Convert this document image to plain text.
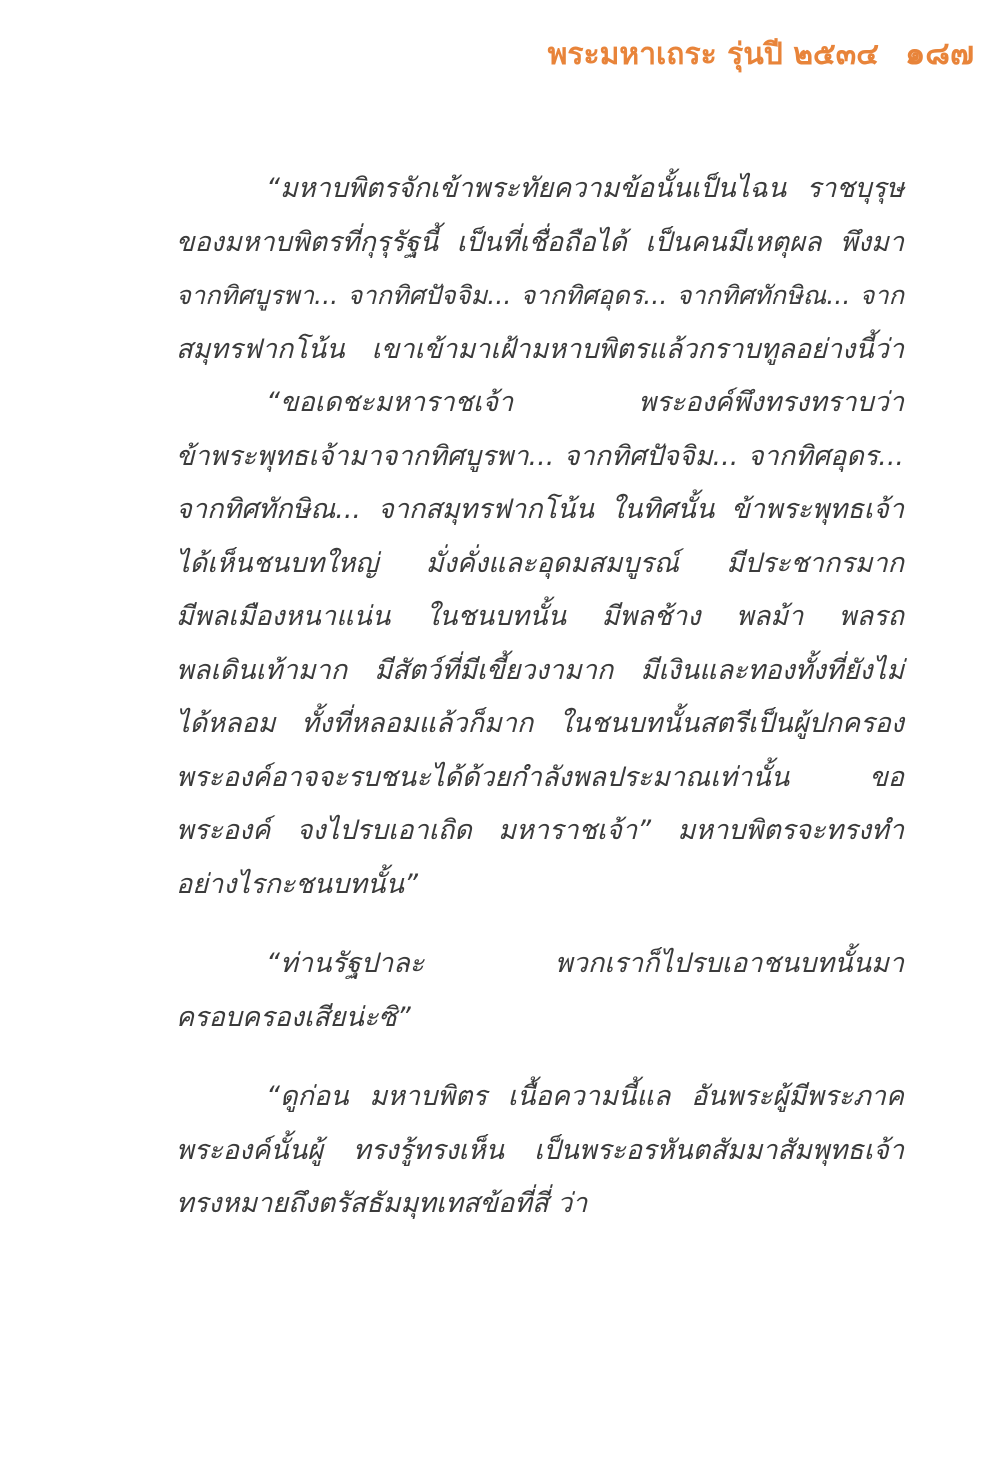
พระมหาเถระ รุ่นปี ๒๕๓๔ ๑๘๗

“มหาบพิตรจักเข้าพระทัยความข้อนั้นเป็นไฉน ราชบุรุษ
ของมหาบพิตรที่กุรุรัฐนี้ เป็นที่เชื่อถือได้ เป็นคนมีเหตุผล พึงมา
จากทิศบูรพา... จากทิศปัจจิม... จากทิศอุดร... จากทิศทักษิณ... จาก
สมุทรฟากโน้น เขาเข้ามาเฝ้ามหาบพิตรแล้วกราบทูลอย่างนี้ว่า

“ขอเดชะมหาราชเจ้า พระองค์พึงทรงทราบว่า
ข้าพระพุทธเจ้ามาจากทิศบูรพา... จากทิศปัจจิม... จากทิศอุดร...
จากทิศทักษิณ... จากสมุทรฟากโน้น ในทิศนั้น ข้าพระพุทธเจ้า
ได้เห็นชนบทใหญ่ มั่งคั่งและอุดมสมบูรณ์ มีประชากรมาก
มีพลเมืองหนาแน่น ในชนบทนั้น มีพลช้าง พลม้า พลรถ
พลเดินเท้ามาก มีสัตว์ที่มีเขี้ยวงามาก มีเงินและทองทั้งที่ยังไม่
ได้หลอม ทั้งที่หลอมแล้วก็มาก ในชนบทนั้นสตรีเป็นผู้ปกครอง
พระองค์อาจจะรบชนะได้ด้วยกำลังพลประมาณเท่านั้น ขอ
พระองค์ จงไปรบเอาเถิด มหาราชเจ้า” มหาบพิตรจะทรงทำ
อย่างไรกะชนบทนั้น”

“ท่านรัฐปาละ พวกเราก็ไปรบเอาชนบทนั้นมา
ครอบครองเสียน่ะซิ”

“ดูก่อน มหาบพิตร เนื้อความนี้แล อันพระผู้มีพระภาค
พระองค์นั้นผู้ ทรงรู้ทรงเห็น เป็นพระอรหันตสัมมาสัมพุทธเจ้า
ทรงหมายถึงตรัสธัมมุทเทสข้อที่สี่ ว่า
